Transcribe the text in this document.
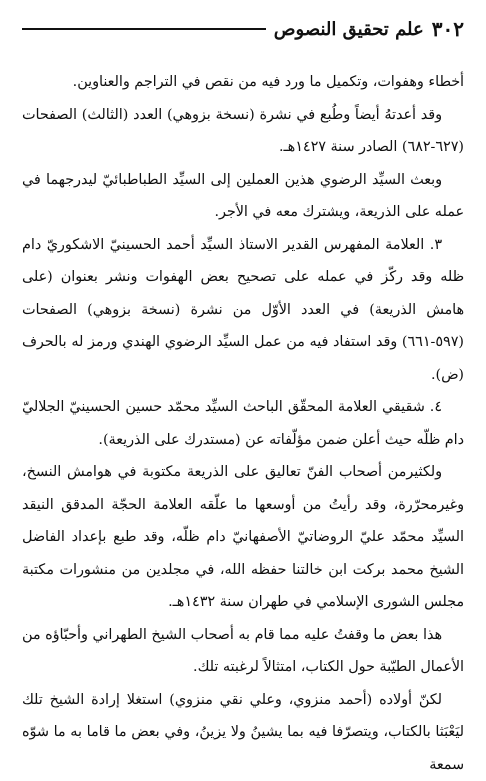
٣٠٢
علم تحقيق النصوص

أخطاء وهفوات، وتكميل ما ورد فيه من نقص في التراجم والعناوين.

وقد أعدتهُ أيضاً وطُبع في نشرة (نسخة بزوهي) العدد (الثالث) الصفحات (٦٢٧-٦٨٢) الصادر سنة ١٤٢٧هـ.

وبعث السيِّد الرضوي هذين العملين إلى السيِّد الطباطبائيّ ليدرجهما في عمله على الذريعة، ويشترك معه في الأجر.

٣. العلامة المفهرس القدير الاستاذ السيِّد أحمد الحسينيّ الاشكوريّ دام ظله وقد ركّز في عمله على تصحيح بعض الهفوات ونشر بعنوان (على هامش الذريعة) في العدد الأوّل من نشرة (نسخة بزوهي) الصفحات (٥٩٧-٦٦١) وقد استفاد فيه من عمل السيِّد الرضوي الهندي ورمز له بالحرف (ض).

٤. شقيقي العلامة المحقّق الباحث السيِّد محمّد حسين الحسينيّ الجلاليّ دام ظلّه حيث أعلن ضمن مؤلّفاته عن (مستدرك على الذريعة).

ولكثيرمن أصحاب الفنّ تعاليق على الذريعة مكتوبة في هوامش النسخ، وغيرمحرّرة، وقد رأيتُ من أوسعها ما علّقه العلامة الحجّة المدقق النيقد السيِّد محمّد عليّ الروضاتيّ الأصفهانيّ دام ظلّه، وقد طبع بإعداد الفاضل الشيخ محمد بركت ابن خالتنا حفظه الله، في مجلدين من منشورات مكتبة مجلس الشورى الإسلامي في طهران سنة ١٤٣٢هـ.

هذا بعض ما وقفتُ عليه مما قام به أصحاب الشيخ الطهراني وأحبّاؤه من الأعمال الطيّبة حول الكتاب، امتثالاً لرغبته تلك.

لكنّ أولاده (أحمد منزوي، وعلي نقي منزوي) استغلا إرادة الشيخ تلك ليَعْبَثا بالكتاب، ويتصرّفا فيه بما يشينُ ولا يزينُ، وفي بعض ما قاما به ما شوّه سمعة
